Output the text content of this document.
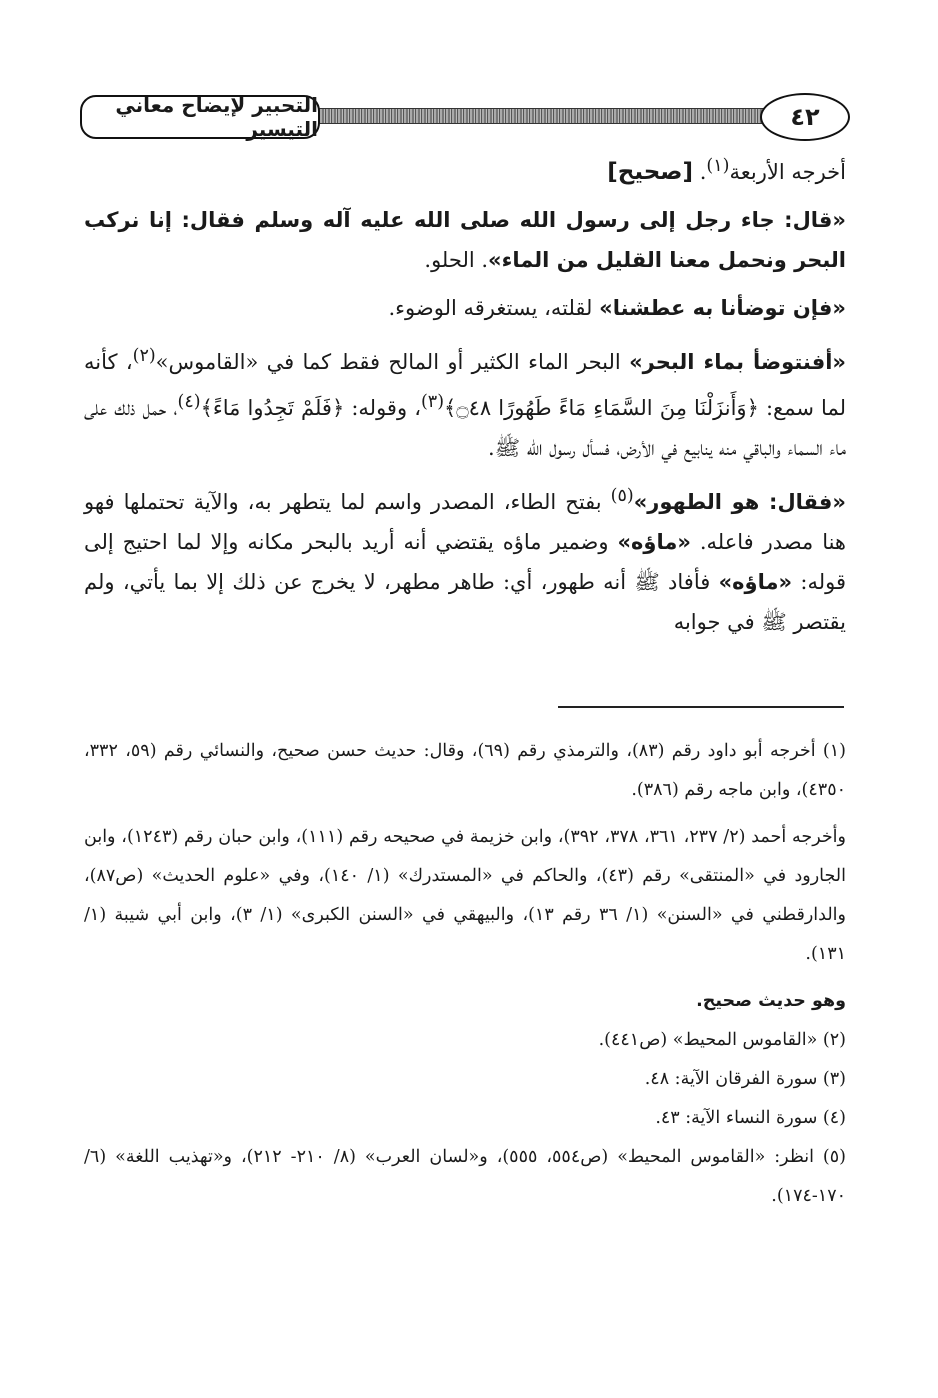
التحبير لإيضاح معاني التيسير	٤٢

أخرجه الأربعة$^{(١)}$. [صحيح]

«قال: جاء رجل إلى رسول الله صلى الله عليه آله وسلم فقال: إنا نركب البحر ونحمل معنا القليل من الماء». الحلو.

«فإن توضأنا به عطشنا» لقلته، يستغرقه الوضوء.

«أفنتوضأ بماء البحر» البحر الماء الكثير أو المالح فقط كما في «القاموس»$^{(٢)}$، كأنه لما سمع: ﴿وَأَنزَلْنَا مِنَ السَّمَاءِ مَاءً طَهُورًا ۝٤٨﴾$^{(٣)}$، وقوله: ﴿فَلَمْ تَجِدُوا مَاءً﴾$^{(٤)}$، حمل ذلك على ماء السماء والباقي منه ينابيع في الأرض، فسأل رسول الله ﷺ.

«فقال: هو الطهور»$^{(٥)}$ بفتح الطاء، المصدر واسم لما يتطهر به، والآية تحتملها فهو هنا مصدر فاعله. «ماؤه» وضمير ماؤه يقتضي أنه أريد بالبحر مكانه وإلا لما احتيج إلى قوله: «ماؤه» فأفاد ﷺ أنه طهور، أي: طاهر مطهر، لا يخرج عن ذلك إلا بما يأتي، ولم يقتصر ﷺ في جوابه

(١) أخرجه أبو داود رقم (٨٣)، والترمذي رقم (٦٩)، وقال: حديث حسن صحيح، والنسائي رقم (٥٩، ٣٣٢، ٤٣٥٠)، وابن ماجه رقم (٣٨٦).

وأخرجه أحمد (٢/ ٢٣٧، ٣٦١، ٣٧٨، ٣٩٢)، وابن خزيمة في صحيحه رقم (١١١)، وابن حبان رقم (١٢٤٣)، وابن الجارود في «المنتقى» رقم (٤٣)، والحاكم في «المستدرك» (١/ ١٤٠)، وفي «علوم الحديث» (ص٨٧)، والدارقطني في «السنن» (١/ ٣٦ رقم ١٣)، والبيهقي في «السنن الكبرى» (١/ ٣)، وابن أبي شيبة (١/ ١٣١).

وهو حديث صحيح.

(٢) «القاموس المحيط» (ص٤٤١).

(٣) سورة الفرقان الآية: ٤٨.

(٤) سورة النساء الآية: ٤٣.

(٥) انظر: «القاموس المحيط» (ص٥٥٤، ٥٥٥)، و«لسان العرب» (٨/ ٢١٠- ٢١٢)، و«تهذيب اللغة» (٦/ ١٧٠-١٧٤).
